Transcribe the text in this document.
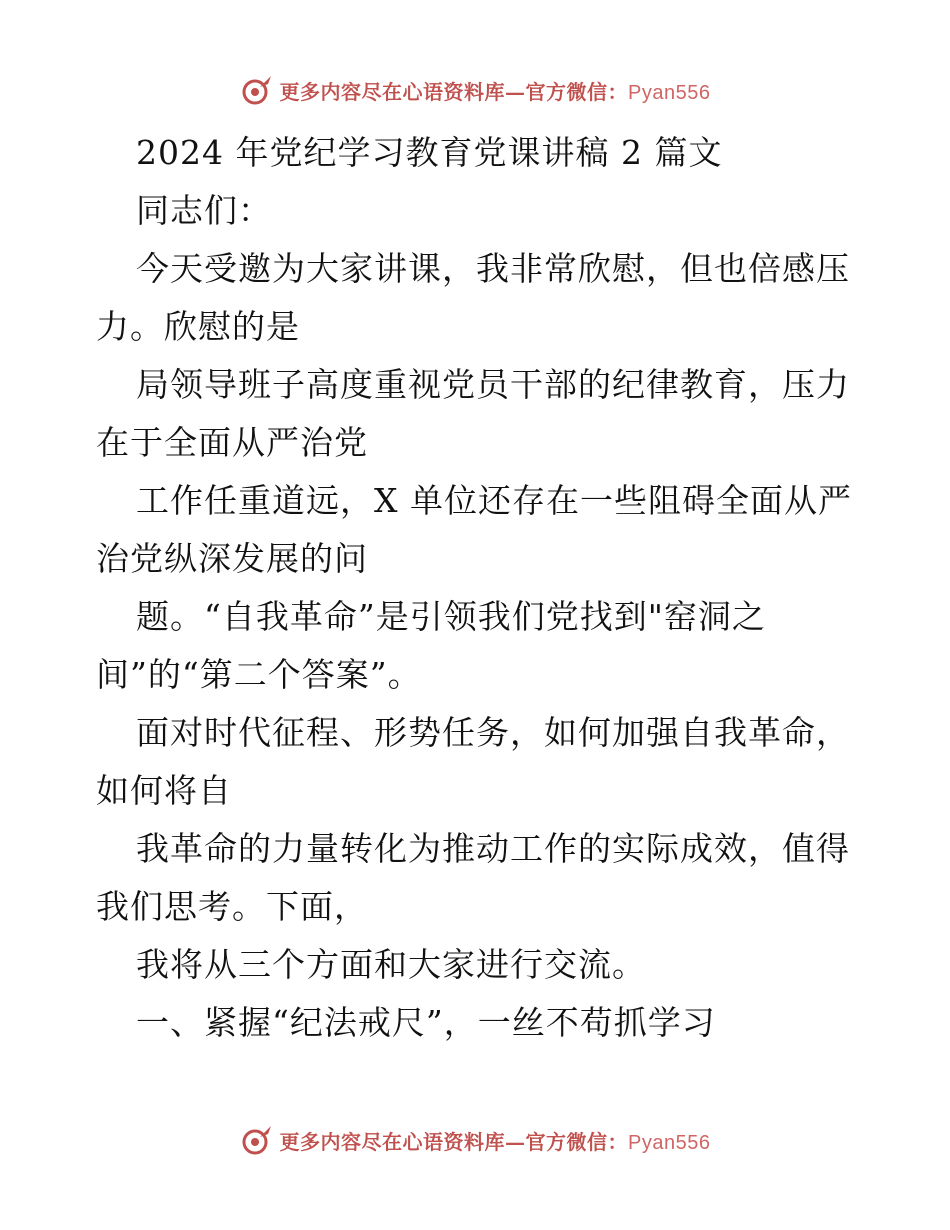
更多内容尽在心语资料库—官方微信：Pyan556

2024 年党纪学习教育党课讲稿 2 篇文

同志们：

今天受邀为大家讲课，我非常欣慰，但也倍感压

力。欣慰的是

局领导班子高度重视党员干部的纪律教育，压力

在于全面从严治党

工作任重道远，X 单位还存在一些阻碍全面从严

治党纵深发展的问

题。“自我革命”是引领我们党找到"窑洞之

间”的“第二个答案”。

面对时代征程、形势任务，如何加强自我革命，

如何将自

我革命的力量转化为推动工作的实际成效，值得

我们思考。下面，

我将从三个方面和大家进行交流。

一、紧握“纪法戒尺”，一丝不苟抓学习

更多内容尽在心语资料库—官方微信：Pyan556
